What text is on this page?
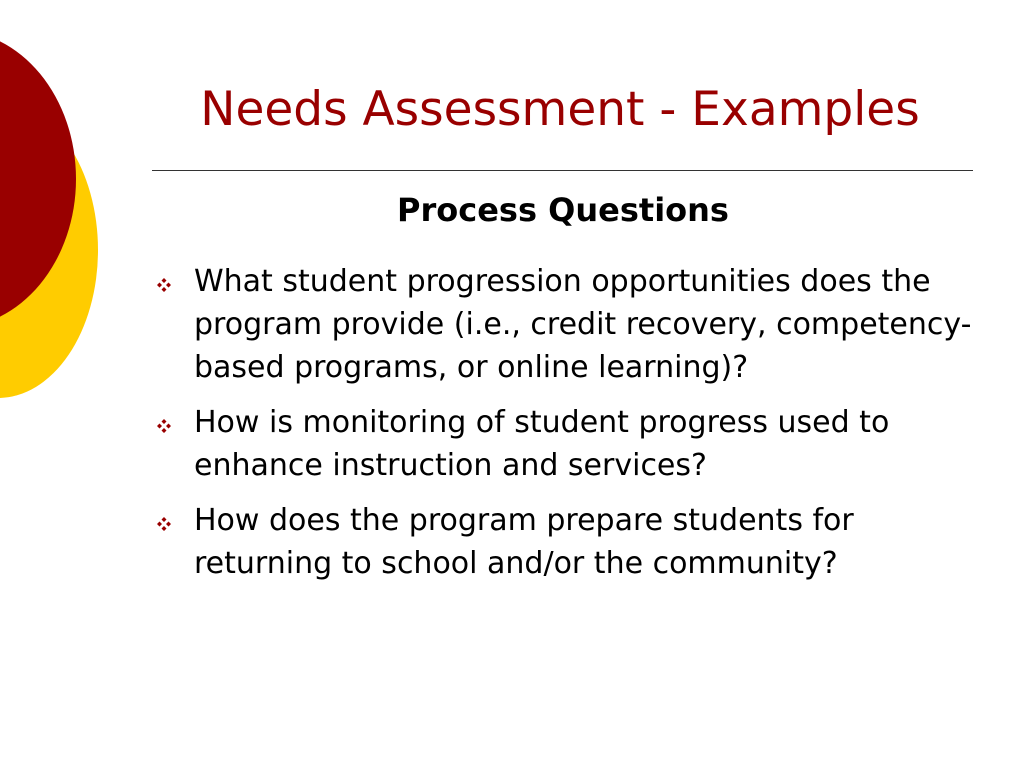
Needs Assessment - Examples
Process Questions
What student progression opportunities does the program provide (i.e., credit recovery, competency-based programs, or online learning)?
How is monitoring of student progress used to enhance instruction and services?
How does the program prepare students for returning to school and/or the community?
